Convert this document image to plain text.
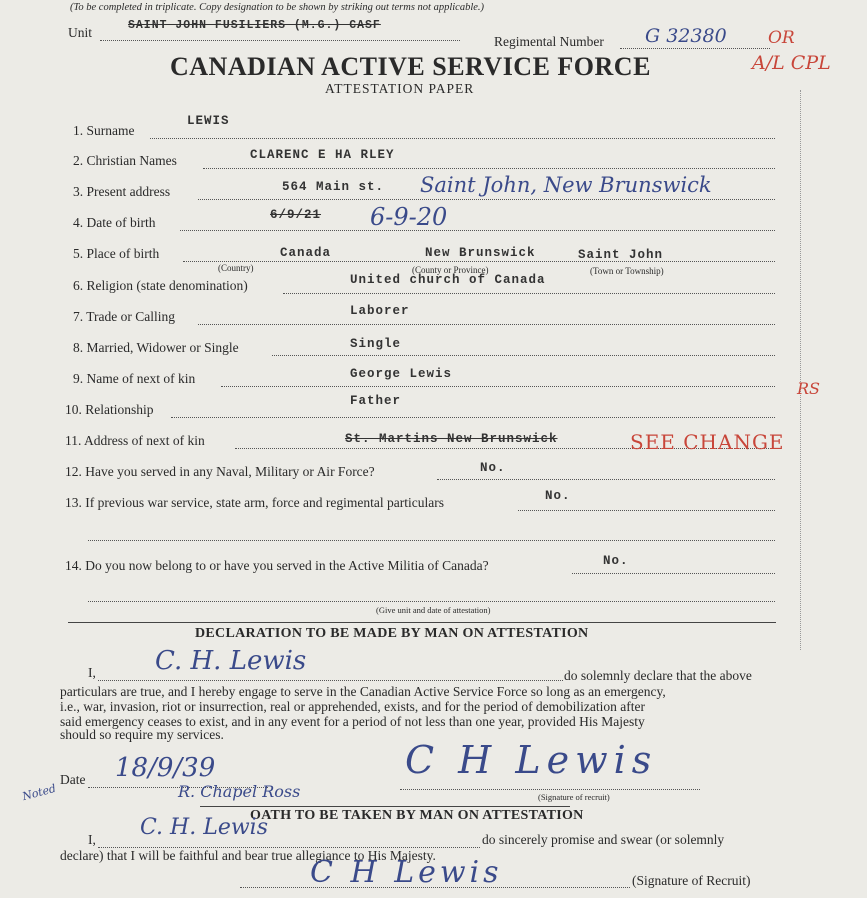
(To be completed in triplicate. Copy designation to be shown by striking out terms not applicable.)
Unit	SAINT JOHN FUSILIERS (M.G.) CASF
Regimental Number G 32380 OR
A/L CPL
CANADIAN ACTIVE SERVICE FORCE
ATTESTATION PAPER
1. Surname
LEWIS
2. Christian Names	CLARENC E HA RLEY
3. Present address	564 Main st. Saint John, New Brunswick
4. Date of birth	6/9/21 6-9-20
5. Place of birth	Canada	New Brunswick	Saint John
(Country)	(County or Province)	(Town or Township)
6. Religion (state denomination)	United church of Canada
7. Trade or Calling	Laborer
8. Married, Widower or Single	Single
9. Name of next of kin	George Lewis
10. Relationship
Father
RS
11. Address of next of kin	St. Martins New Brunswick	SEE CHANGE
12. Have you served in any Naval, Military or Air Force?	No.
13. If previous war service, state arm, force and regimental particulars	No.
14. Do you now belong to or have you served in the Active Militia of Canada?	No.
(Give unit and date of attestation)
DECLARATION TO BE MADE BY MAN ON ATTESTATION
I, C. H. Lewis	do solemnly declare that the above
particulars are true, and I hereby engage to serve in the Canadian Active Service Force so long as an emergency,
i.e., war, invasion, riot or insurrection, real or apprehended, exists, and for the period of demobilization after
said emergency ceases to exist, and in any event for a period of not less than one year, provided His Majesty
should so require my services.
Date 18/9/39
R. Chapel Ross
Noted
C H Lewis
(Signature of recruit)
OATH TO BE TAKEN BY MAN ON ATTESTATION
I, C. H. Lewis	do sincerely promise and swear (or solemnly
declare) that I will be faithful and bear true allegiance to His Majesty.
C H Lewis	(Signature of Recruit)
